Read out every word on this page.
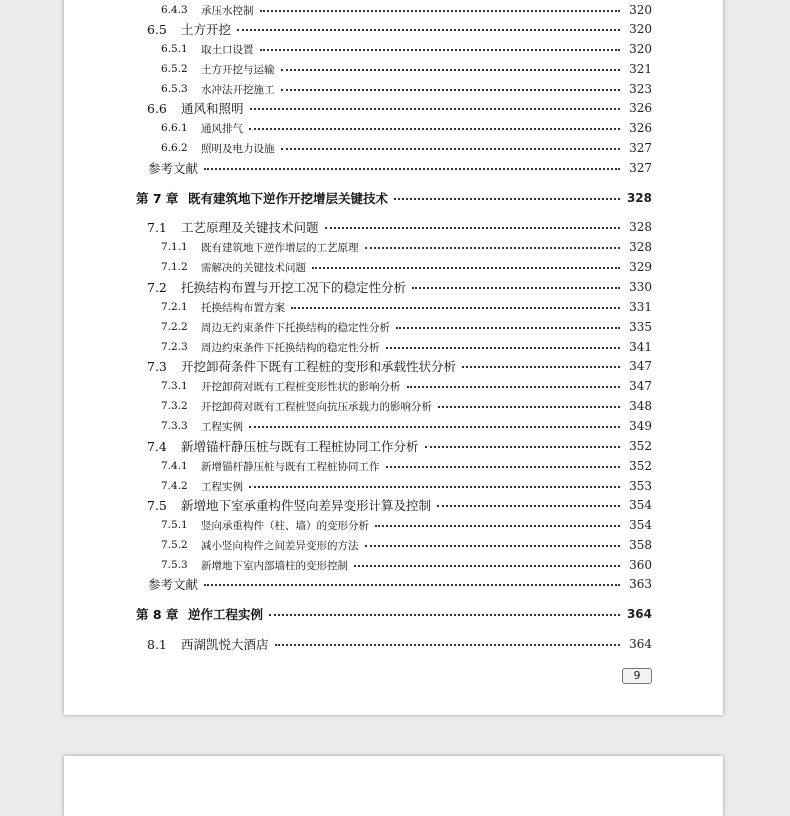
6.4.3	承压水控制	320
6.5	土方开挖	320
6.5.1	取土口设置	320
6.5.2	土方开挖与运输	321
6.5.3	水冲法开挖施工	323
6.6	通风和照明	326
6.6.1	通风排气	326
6.6.2	照明及电力设施	327
参考文献	327
第 7 章 既有建筑地下逆作开挖增层关键技术	328
7.1	工艺原理及关键技术问题	328
7.1.1	既有建筑地下逆作增层的工艺原理	328
7.1.2	需解决的关键技术问题	329
7.2	托换结构布置与开挖工况下的稳定性分析	330
7.2.1	托换结构布置方案	331
7.2.2	周边无约束条件下托换结构的稳定性分析	335
7.2.3	周边约束条件下托换结构的稳定性分析	341
7.3	开挖卸荷条件下既有工程桩的变形和承载性状分析	347
7.3.1	开挖卸荷对既有工程桩变形性状的影响分析	347
7.3.2	开挖卸荷对既有工程桩竖向抗压承载力的影响分析	348
7.3.3	工程实例	349
7.4	新增锚杆静压桩与既有工程桩协同工作分析	352
7.4.1	新增锚杆静压桩与既有工程桩协同工作	352
7.4.2	工程实例	353
7.5	新增地下室承重构件竖向差异变形计算及控制	354
7.5.1	竖向承重构件（柱、墙）的变形分析	354
7.5.2	减小竖向构件之间差异变形的方法	358
7.5.3	新增地下室内部墙柱的变形控制	360
参考文献	363
第 8 章 逆作工程实例	364
8.1	西湖凯悦大酒店	364
9
